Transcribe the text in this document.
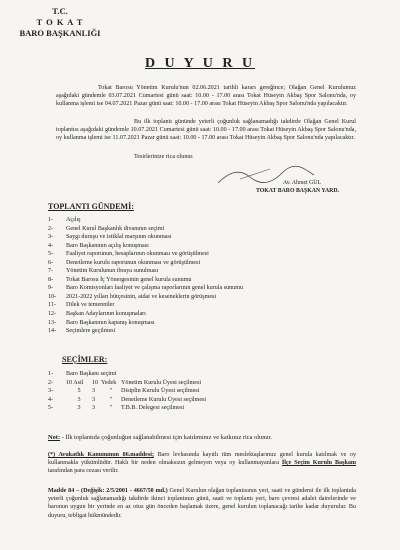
T.C.
T O K A T
BARO BAŞKANLIĞI
D U Y U R U
Tokat Barosu Yönetim Kurulu'nun 02.06.2021 tarihli kararı gereğince; Olağan Genel Kurulumuz aşağıdaki gündemle 03.07.2021 Cumartesi günü saat: 10.00 - 17.00 arası Tokat Hüseyin Akbaş Spor Salonu'nda, oy kullanma işlemi ise 04.07.2021 Pazar günü saat: 10.00 - 17.00 arası Tokat Hüseyin Akbaş Spor Salonu'nda yapılacaktır.
Bu ilk toplantı gününde yeterli çoğunluk sağlanamadığı takdirde Olağan Genel Kurul toplantısı aşağıdaki gündemle 10.07.2021 Cumartesi günü saat: 10.00 - 17.00 arası Tokat Hüseyin Akbaş Spor Salonu'nda, oy kullanma işlemi ise 11.07.2021 Pazar günü saat: 10.00 - 17.00 arası Tokat Hüseyin Akbaş Spor Salonu'nda yapılacaktır.
Tesirlerinize rica olunur.
Av. Ahmet GÜL
TOKAT BARO BAŞKAN YARD.
TOPLANTI GÜNDEMİ:
1- Açılış
2- Genel Kurul Başkanlık divanının seçimi
3- Saygı duruşu ve istiklal marşının okunması
4- Baro Başkanının açılış konuşması
5- Faaliyet raporunun, hesaplarının okunması ve görüşülmesi
6- Denetleme kurulu raporunun okunması ve görüşülmesi
7- Yönetim Kurulunun ibrayа sunulması
8- Tokat Barosu İç Yönergesinin genel kurula sunumu
9- Baro Komisyonları faaliyet ve çalışma raporlarının genel kurula sunumu
10- 2021-2022 yılları bütçesinin, aidat ve keseneklerin görüşmesi
11- Dilek ve temenniler
12- Başkan Adaylarının konuşmaları
13- Baro Başkanının kapanış konuşması
14- Seçimlere geçilmesi
SEÇİMLER:
1- Baro Başkanı seçimi
2- 10 Asil 10 Yedek Yönetim Kurulu Üyesi seçilmesi
3-	5 3 " Disiplin Kurulu Üyesi seçilmesi
4-	3 3 " Denetleme Kurulu Üyesi seçilmesi
5-	3 3 " T.B.B. Delegesi seçilmesi
Not: - İlk toplantıda çoğunluğun sağlanabilmesi için katılımınız ve katkınız rica olunur.
(*) Avukatlık Kanununun 86.maddesi; Baro levhasında kayıtlı tüm meslektaşlarımız genel kurula katılmak ve oy kullanmakla yükümlüdür. Haklı bir neden olmaksızın gelmeyen veya oy kullanmayanlara İlçe Seçim Kurulu Başkanı tarafından para cezası verilir.
Madde 84 – (Değişik: 2/5/2001 - 4667/50 md.) Genel Kurulun olağan toplantısının yeri, saati ve gündemi ile ilk toplantıda yeterli çoğunluk sağlanamadığı takdirde ikinci toplantının günü, saati ve toplantı yeri, baro çevresi adalet dairelerinde ve baronun uygun bir yerinde en az otuz gün önceden başlamak üzere, genel kurulun toplanacağı tarihe kadar duyurulur. Bu duyuru, tebligat hükmündedir.
